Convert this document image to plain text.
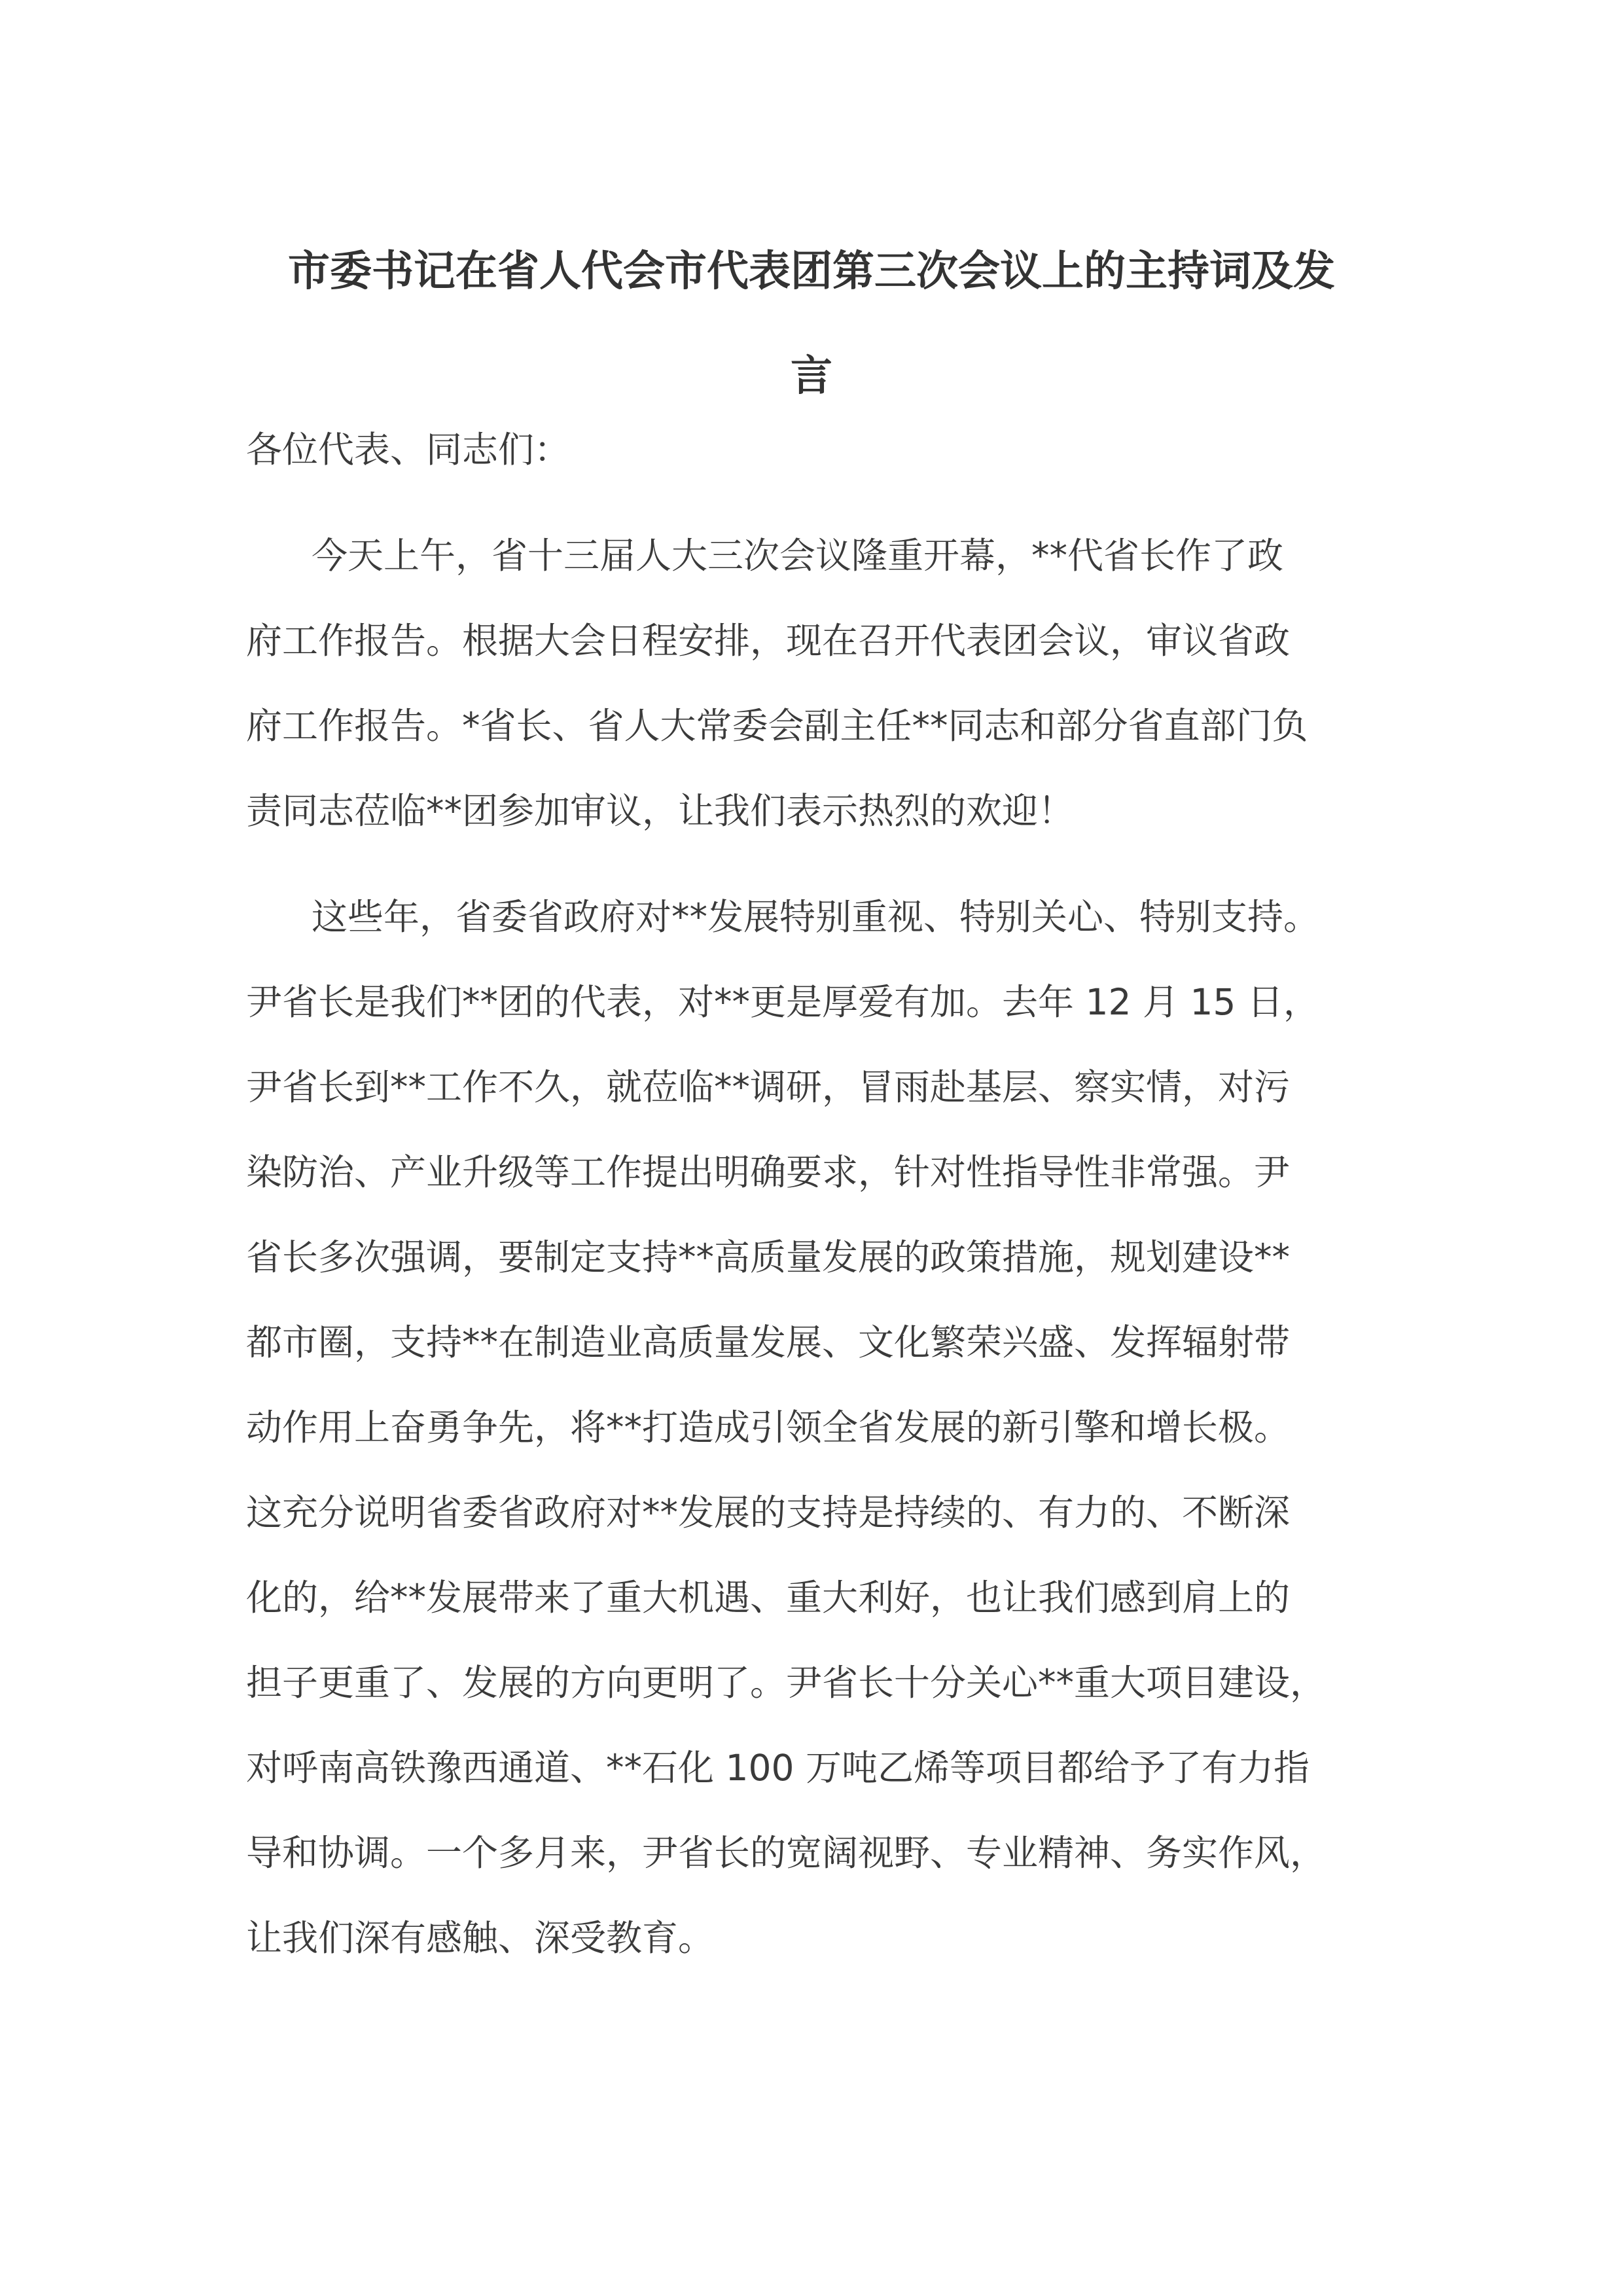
市委书记在省人代会市代表团第三次会议上的主持词及发
言

各位代表、同志们：

今天上午，省十三届人大三次会议隆重开幕，**代省长作了政
府工作报告。根据大会日程安排，现在召开代表团会议，审议省政
府工作报告。*省长、省人大常委会副主任**同志和部分省直部门负
责同志莅临**团参加审议，让我们表示热烈的欢迎！
这些年，省委省政府对**发展特别重视、特别关心、特别支持。
尹省长是我们**团的代表，对**更是厚爱有加。去年 12 月 15 日，
尹省长到**工作不久，就莅临**调研，冒雨赴基层、察实情，对污
染防治、产业升级等工作提出明确要求，针对性指导性非常强。尹
省长多次强调，要制定支持**高质量发展的政策措施，规划建设**
都市圈，支持**在制造业高质量发展、文化繁荣兴盛、发挥辐射带
动作用上奋勇争先，将**打造成引领全省发展的新引擎和增长极。
这充分说明省委省政府对**发展的支持是持续的、有力的、不断深
化的，给**发展带来了重大机遇、重大利好，也让我们感到肩上的
担子更重了、发展的方向更明了。尹省长十分关心**重大项目建设，
对呼南高铁豫西通道、**石化 100 万吨乙烯等项目都给予了有力指
导和协调。一个多月来，尹省长的宽阔视野、专业精神、务实作风，
让我们深有感触、深受教育。
